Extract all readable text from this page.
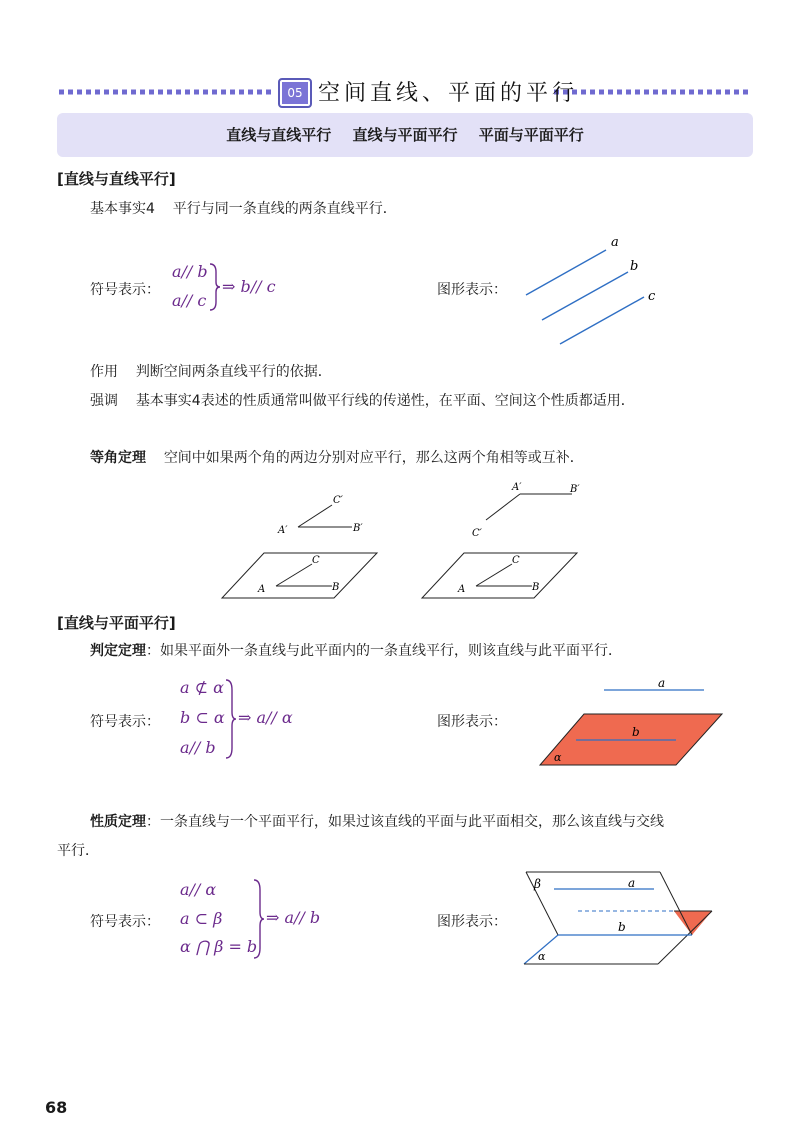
05 空间直线、平面的平行
直线与直线平行 直线与平面平行 平面与平面平行
[直线与直线平行]
基本事实4 平行与同一条直线的两条直线平行．
符号表示：
a// b
a// c
⇒ b// c	图形表示：
a
b
c
作用 判断空间两条直线平行的依据．
强调 基本事实4表述的性质通常叫做平行线的传递性，在平面、空间这个性质都适用．
等角定理 空间中如果两个角的两边分别对应平行，那么这两个角相等或互补．
A	B
C
A′	B′
C′
A	B
C
A′	B′
C′
[直线与平面平行]
判定定理：如果平面外一条直线与此平面内的一条直线平行，则该直线与此平面平行．
符号表示：
a ⊄ α
b ⊂ α
a// b
⇒ a// α	图形表示：
a
b
α
性质定理：一条直线与一个平面平行，如果过该直线的平面与此平面相交，那么该直线与交线
平行．
符号表示：
a// α
a ⊂ β
α ⋂ β = b
⇒ a// b	图形表示：
β	a
b
α
68
